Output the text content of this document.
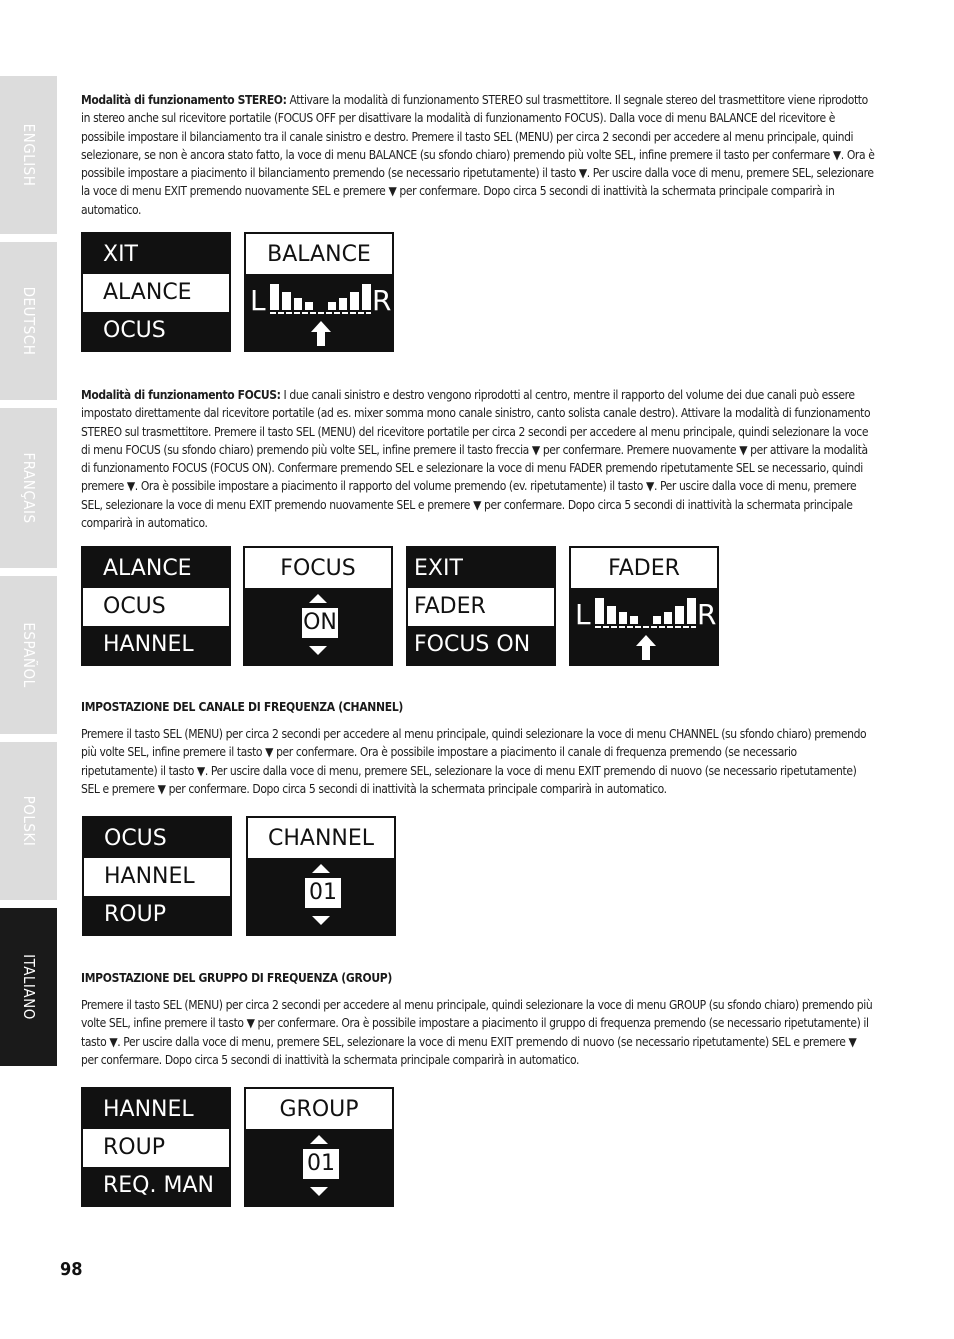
ENGLISH
DEUTSCH
FRANÇAIS
ESPAÑOL
POLSKI
ITALIANO

Modalità di funzionamento STEREO: Attivare la modalità di funzionamento STEREO sul trasmettitore. Il segnale stereo del trasmettitore viene riprodotto in stereo anche sul ricevitore portatile (FOCUS OFF per disattivare la modalità di funzionamento FOCUS). Dalla voce di menu BALANCE del ricevitore è possibile impostare il bilanciamento tra il canale sinistro e destro. Premere il tasto SEL (MENU) per circa 2 secondi per accedere al menu principale, quindi selezionare, se non è ancora stato fatto, la voce di menu BALANCE (su sfondo chiaro) premendo più volte SEL, infine premere il tasto per confermare ▼. Ora è possibile impostare a piacimento il bilanciamento premendo (se necessario ripetutamente) il tasto ▼. Per uscire dalla voce di menu, premere SEL, selezionare la voce di menu EXIT premendo nuovamente SEL e premere ▼ per confermare. Dopo circa 5 secondi di inattività la schermata principale comparirà in automatico.

XIT
ALANCE
OCUS
BALANCE
L	R

Modalità di funzionamento FOCUS: I due canali sinistro e destro vengono riprodotti al centro, mentre il rapporto del volume dei due canali può essere impostato direttamente dal ricevitore portatile (ad es. mixer somma mono canale sinistro, canto solista canale destro). Attivare la modalità di funzionamento STEREO sul trasmettitore. Premere il tasto SEL (MENU) del ricevitore portatile per circa 2 secondi per accedere al menu principale, quindi selezionare la voce di menu FOCUS (su sfondo chiaro) premendo più volte SEL, infine premere il tasto freccia ▼ per confermare. Premere nuovamente ▼ per attivare la modalità di funzionamento FOCUS (FOCUS ON). Confermare premendo SEL e selezionare la voce di menu FADER premendo ripetutamente SEL se necessario, quindi premere ▼. Ora è possibile impostare a piacimento il rapporto del volume premendo (ev. ripetutamente) il tasto ▼. Per uscire dalla voce di menu, premere SEL, selezionare la voce di menu EXIT premendo nuovamente SEL e premere ▼ per confermare. Dopo circa 5 secondi di inattività la schermata principale comparirà in automatico.

ALANCE
OCUS
HANNEL
FOCUS
ON
EXIT
FADER
FOCUS ON
FADER
L	R
IMPOSTAZIONE DEL CANALE DI FREQUENZA (CHANNEL)

Premere il tasto SEL (MENU) per circa 2 secondi per accedere al menu principale, quindi selezionare la voce di menu CHANNEL (su sfondo chiaro) premendo più volte SEL, infine premere il tasto ▼ per confermare. Ora è possibile impostare a piacimento il canale di frequenza premendo (se necessario ripetutamente) il tasto ▼. Per uscire dalla voce di menu, premere SEL, selezionare la voce di menu EXIT premendo di nuovo (se necessario ripetutamente) SEL e premere ▼ per confermare. Dopo circa 5 secondi di inattività la schermata principale comparirà in automatico.

OCUS
HANNEL
ROUP
CHANNEL
01
IMPOSTAZIONE DEL GRUPPO DI FREQUENZA (GROUP)

Premere il tasto SEL (MENU) per circa 2 secondi per accedere al menu principale, quindi selezionare la voce di menu GROUP (su sfondo chiaro) premendo più volte SEL, infine premere il tasto ▼ per confermare. Ora è possibile impostare a piacimento il gruppo di frequenza premendo (se necessario ripetutamente) il tasto ▼. Per uscire dalla voce di menu, premere SEL, selezionare la voce di menu EXIT premendo di nuovo (se necessario ripetutamente) SEL e premere ▼ per confermare. Dopo circa 5 secondi di inattività la schermata principale comparirà in automatico.

HANNEL
ROUP
REQ. MAN
GROUP
01
98
